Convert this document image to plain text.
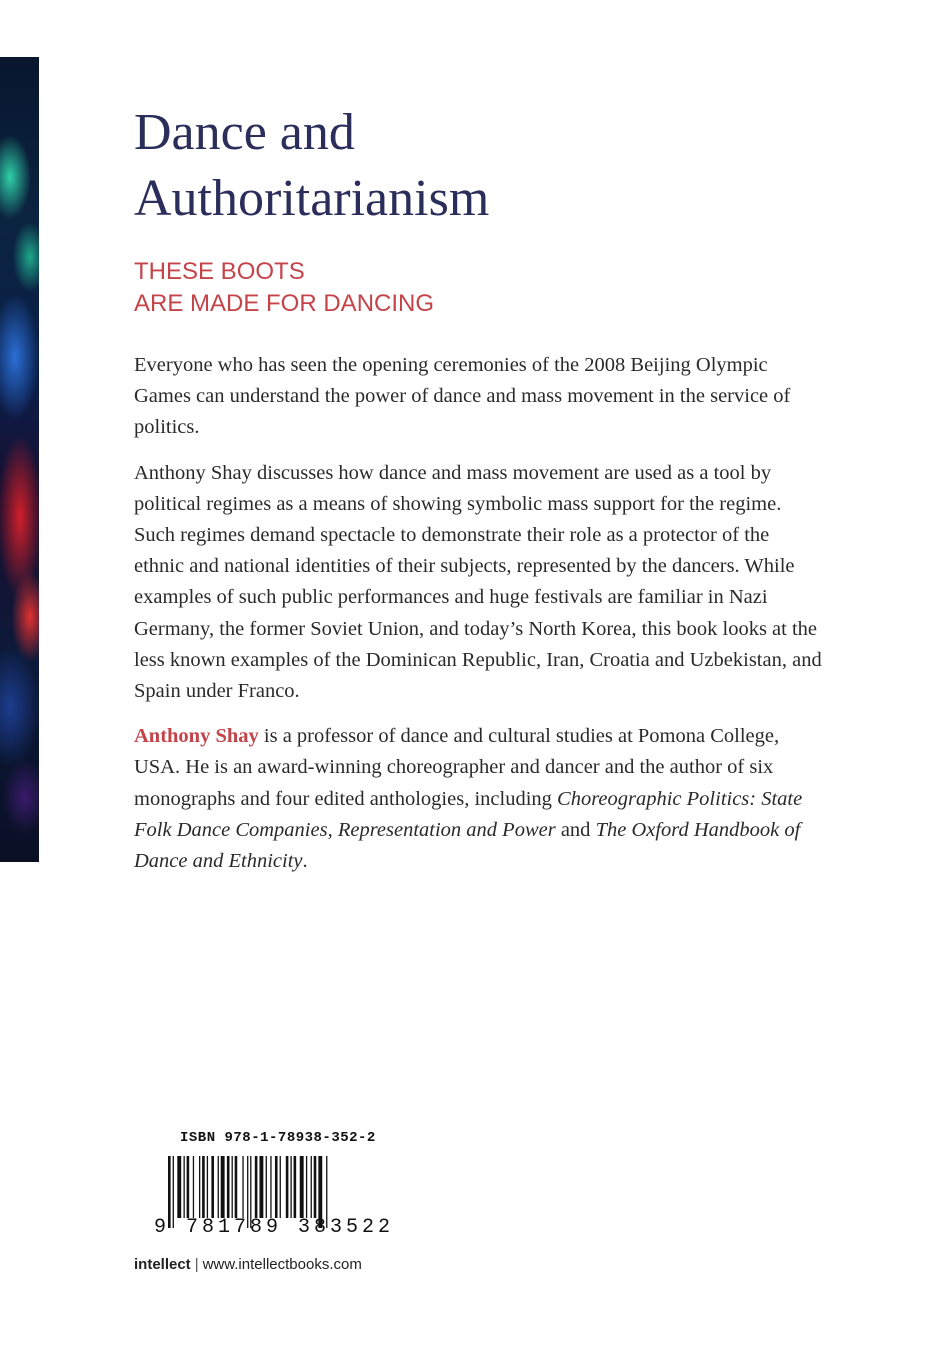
Dance and
Authoritarianism
THESE BOOTS
ARE MADE FOR DANCING

Everyone who has seen the opening ceremonies of the 2008 Beijing Olympic Games can understand the power of dance and mass movement in the service of politics.

Anthony Shay discusses how dance and mass movement are used as a tool by political regimes as a means of showing symbolic mass support for the regime. Such regimes demand spectacle to demonstrate their role as a protector of the ethnic and national identities of their subjects, represented by the dancers. While examples of such public performances and huge festivals are familiar in Nazi Germany, the former Soviet Union, and today’s North Korea, this book looks at the less known examples of the Dominican Republic, Iran, Croatia and Uzbekistan, and Spain under Franco.

Anthony Shay is a professor of dance and cultural studies at Pomona College, USA. He is an award-winning choreographer and dancer and the author of six monographs and four edited anthologies, including Choreographic Politics: State Folk Dance Companies, Representation and Power and The Oxford Handbook of Dance and Ethnicity.

ISBN 978-1-78938-352-2
9 781789 383522
intellect | www.intellectbooks.com
